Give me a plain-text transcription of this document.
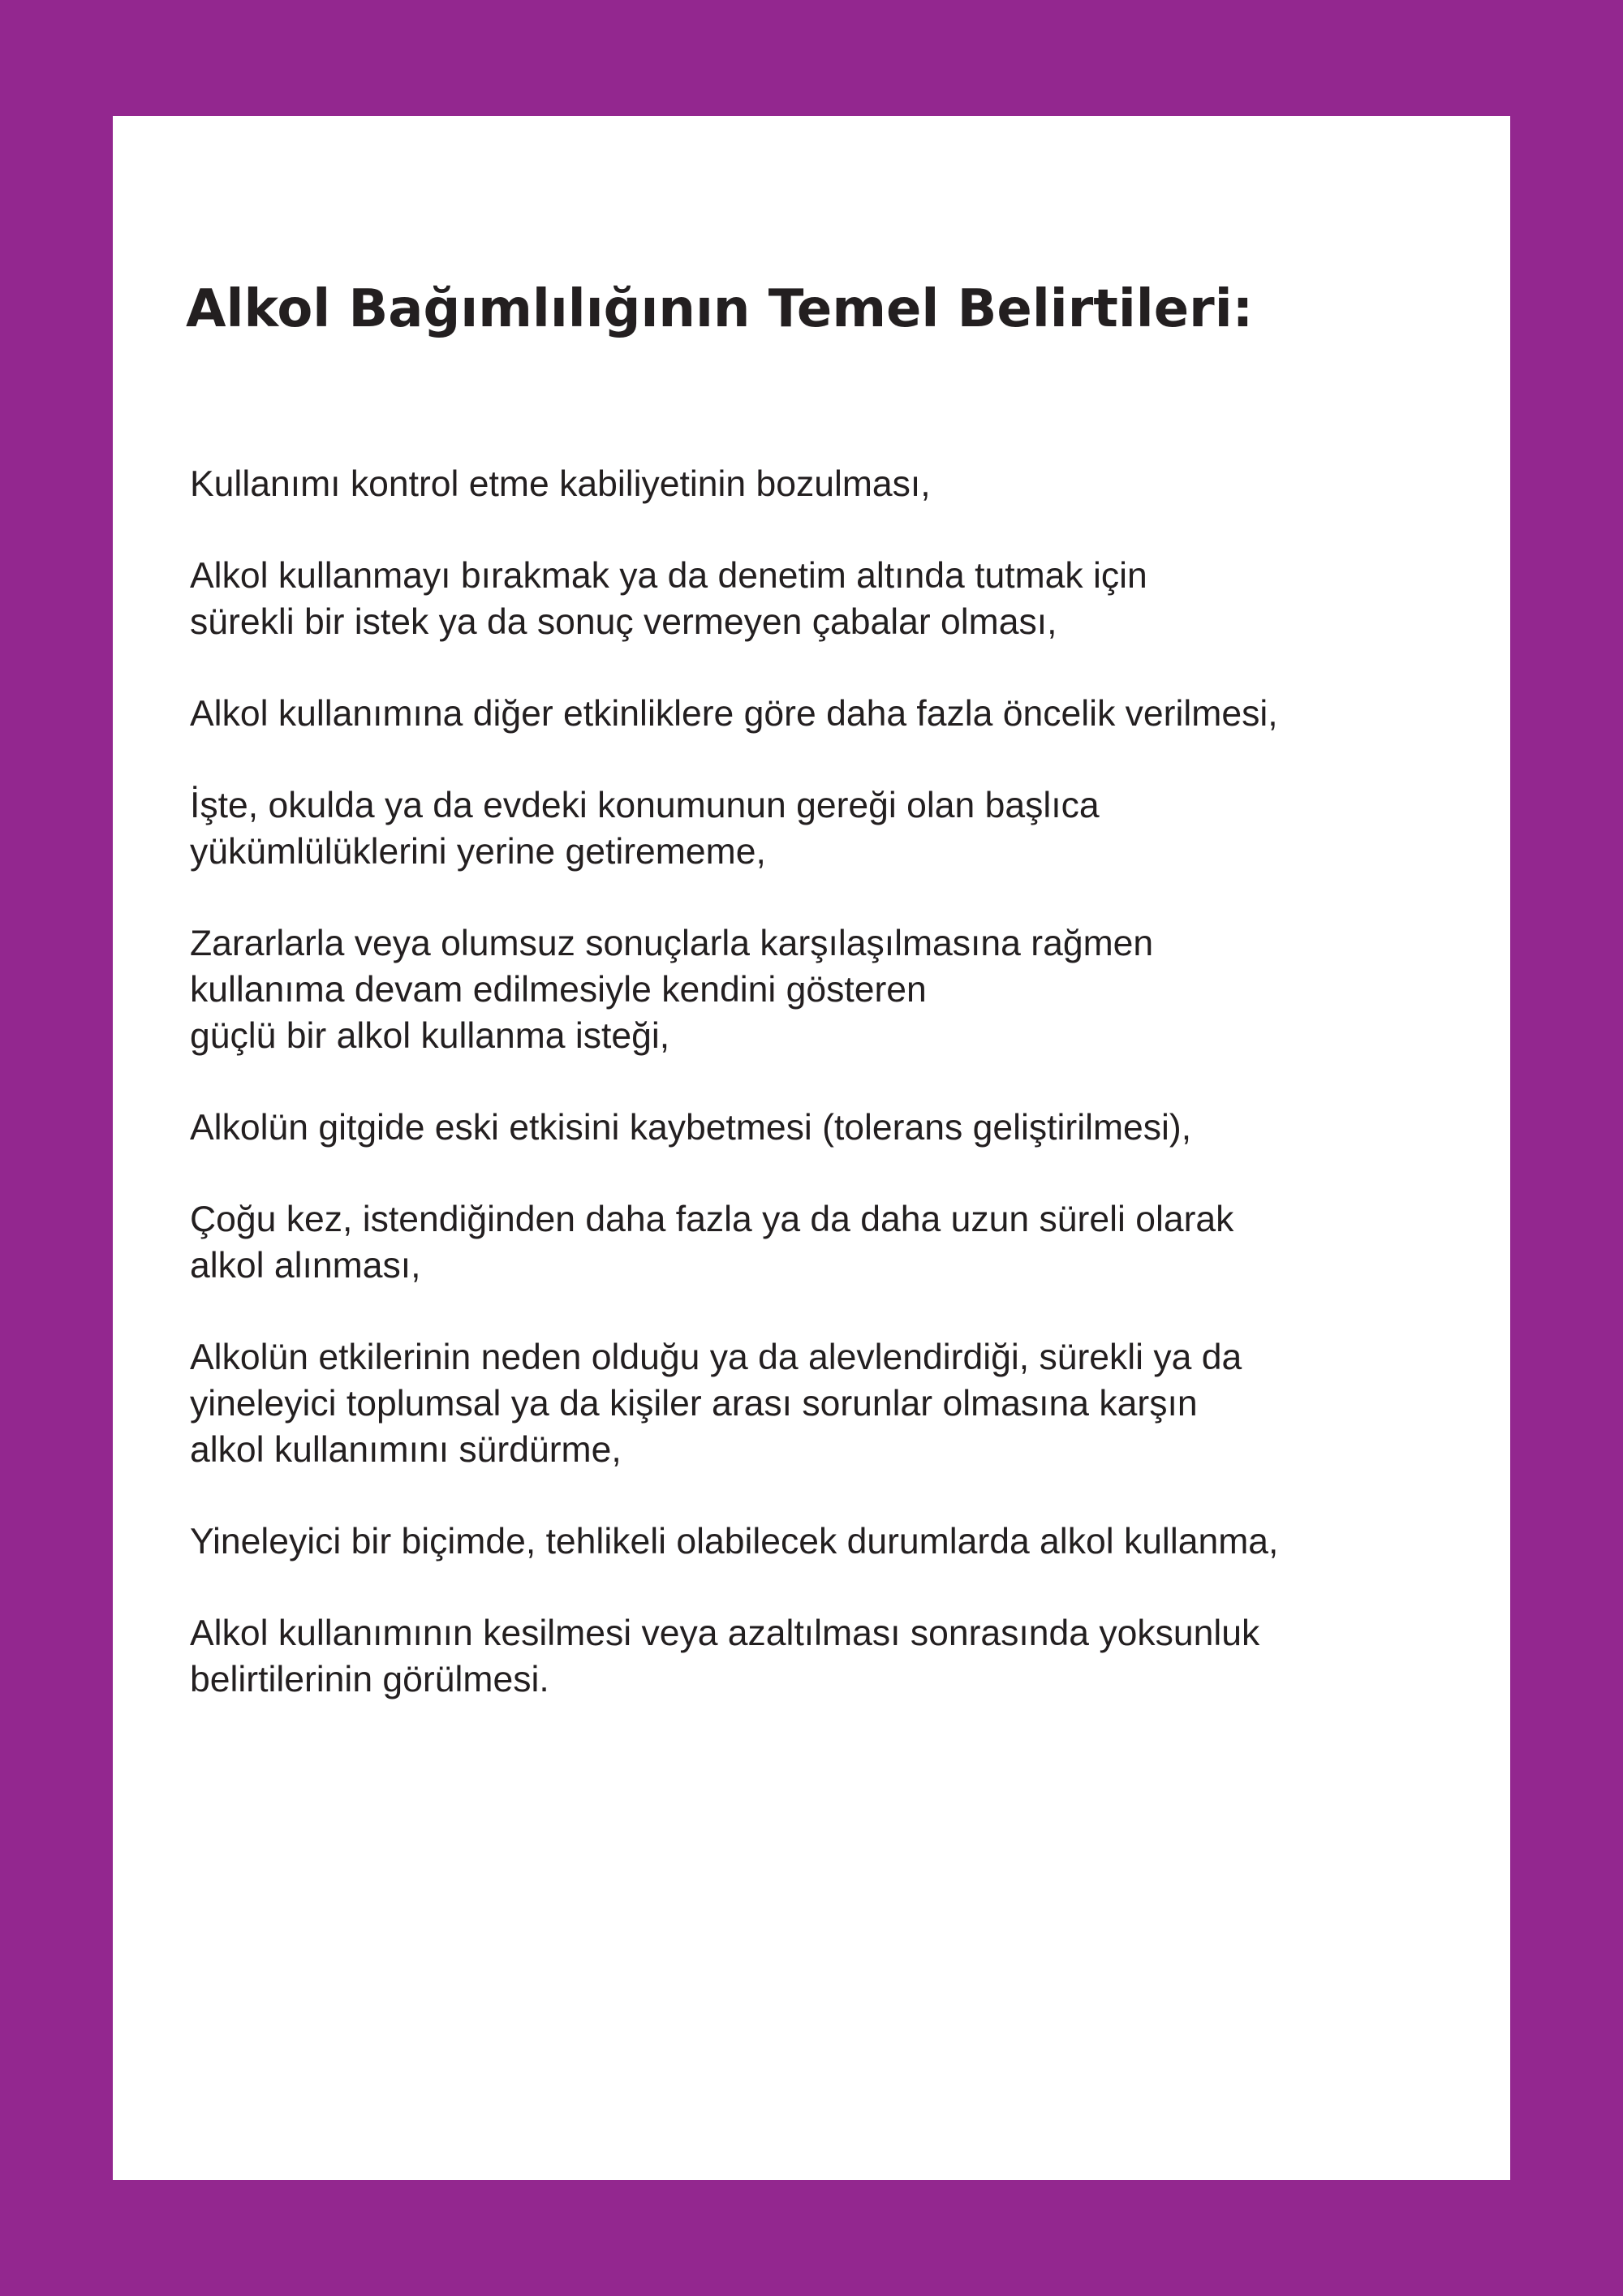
Alkol Bağımlılığının Temel Belirtileri:
Kullanımı kontrol etme kabiliyetinin bozulması,
Alkol kullanmayı bırakmak ya da denetim altında tutmak için
sürekli bir istek ya da sonuç vermeyen çabalar olması,
Alkol kullanımına diğer etkinliklere göre daha fazla öncelik verilmesi,
İşte, okulda ya da evdeki konumunun gereği olan başlıca
yükümlülüklerini yerine getirememe,
Zararlarla veya olumsuz sonuçlarla karşılaşılmasına rağmen
kullanıma devam edilmesiyle kendini gösteren
güçlü bir alkol kullanma isteği,
Alkolün gitgide eski etkisini kaybetmesi (tolerans geliştirilmesi),
Çoğu kez, istendiğinden daha fazla ya da daha uzun süreli olarak
alkol alınması,
Alkolün etkilerinin neden olduğu ya da alevlendirdiği, sürekli ya da
yineleyici toplumsal ya da kişiler arası sorunlar olmasına karşın
alkol kullanımını sürdürme,
Yineleyici bir biçimde, tehlikeli olabilecek durumlarda alkol kullanma,
Alkol kullanımının kesilmesi veya azaltılması sonrasında yoksunluk
belirtilerinin görülmesi.
